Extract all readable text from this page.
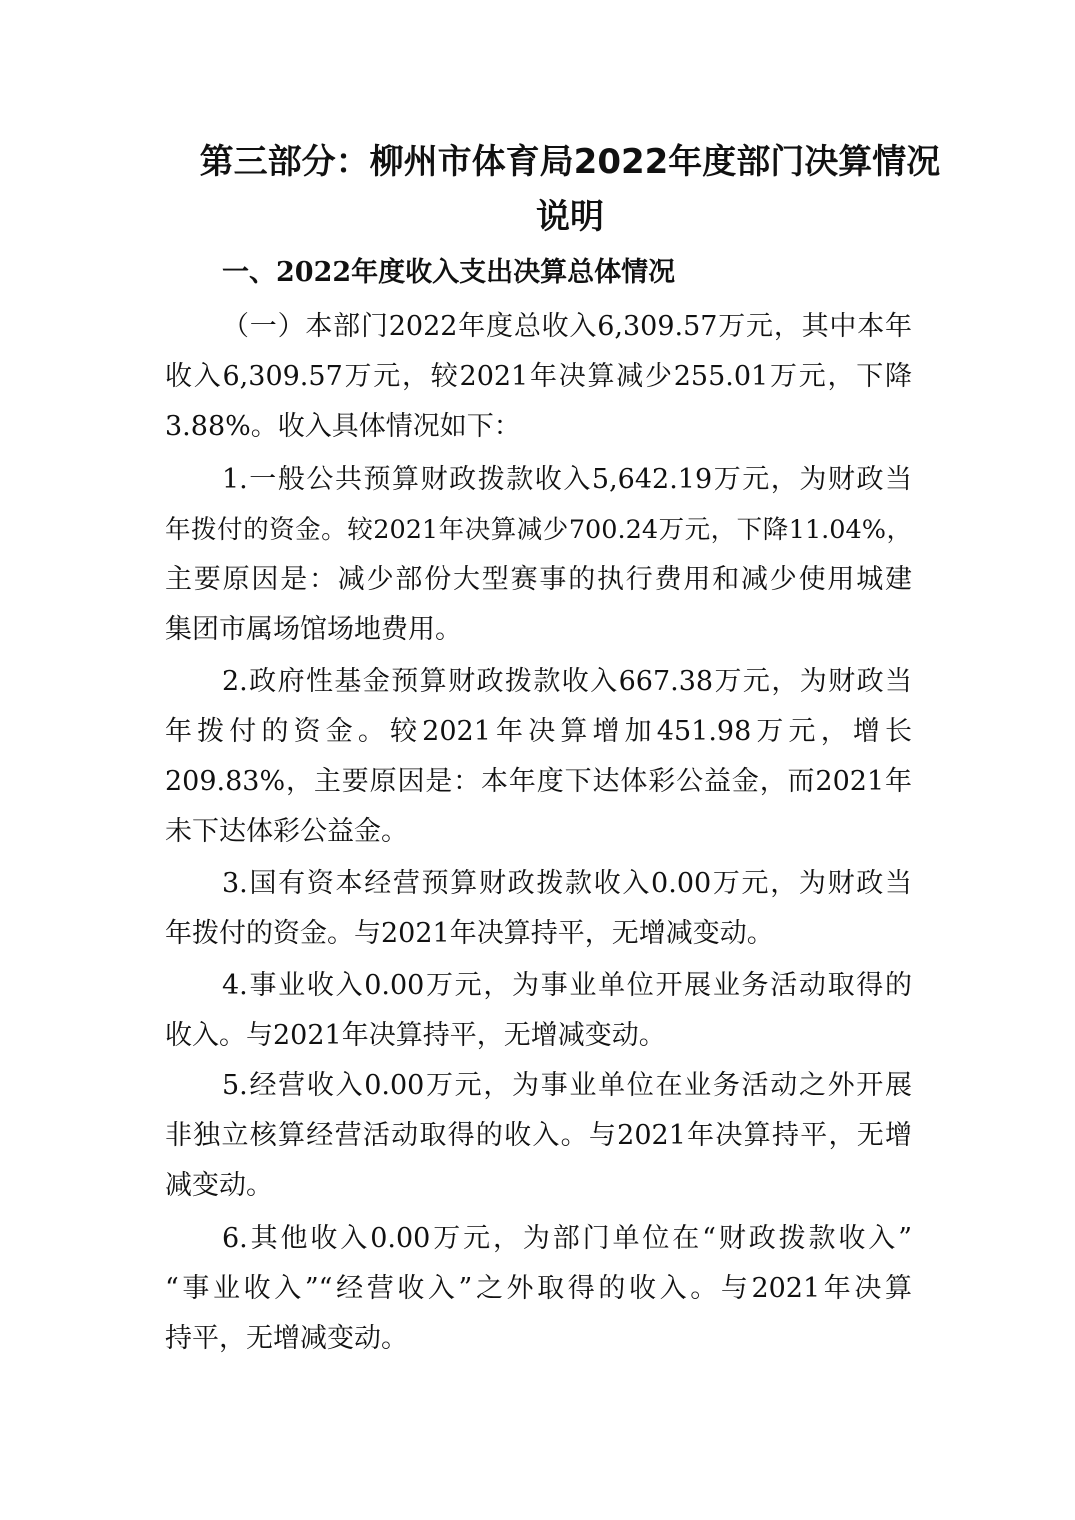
第三部分：柳州市体育局2022年度部门决算情况
说明
一、2022年度收入支出决算总体情况
（一）本部门2022年度总收入6,309.57万元，其中本年
收入6,309.57万元，较2021年决算减少255.01万元，下降
3.88%。收入具体情况如下：
1.一般公共预算财政拨款收入5,642.19万元，为财政当
年拨付的资金。较2021年决算减少700.24万元，下降11.04%，
主要原因是：减少部份大型赛事的执行费用和减少使用城建
集团市属场馆场地费用。
2.政府性基金预算财政拨款收入667.38万元，为财政当
年拨付的资金。较2021年决算增加451.98万元，增长
209.83%，主要原因是：本年度下达体彩公益金，而2021年
未下达体彩公益金。
3.国有资本经营预算财政拨款收入0.00万元，为财政当
年拨付的资金。与2021年决算持平，无增减变动。
4.事业收入0.00万元，为事业单位开展业务活动取得的
收入。与2021年决算持平，无增减变动。
5.经营收入0.00万元，为事业单位在业务活动之外开展
非独立核算经营活动取得的收入。与2021年决算持平，无增
减变动。
6.其他收入0.00万元，为部门单位在“财政拨款收入”
“事业收入”“经营收入”之外取得的收入。与2021年决算
持平，无增减变动。
